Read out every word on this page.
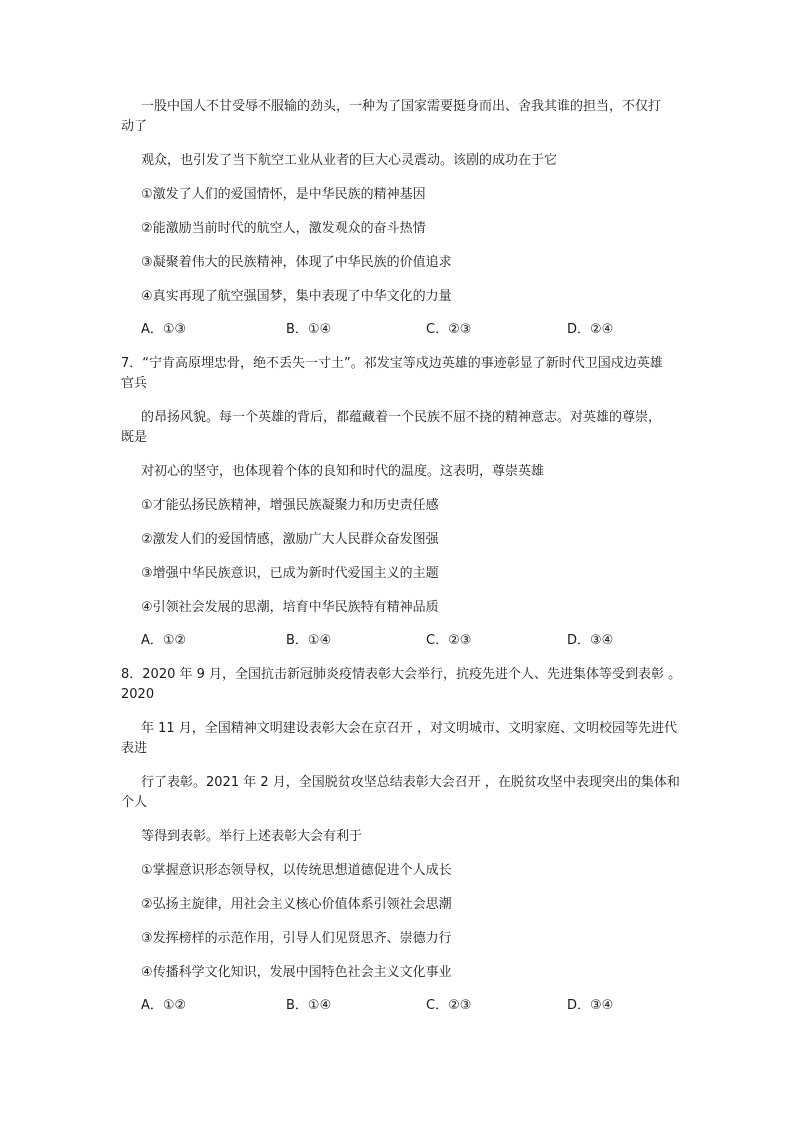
一股中国人不甘受辱不服输的劲头，一种为了国家需要挺身而出、舍我其谁的担当，不仅打
动了
观众，也引发了当下航空工业从业者的巨大心灵震动。该剧的成功在于它
①激发了人们的爱国情怀，是中华民族的精神基因
②能激励当前时代的航空人，激发观众的奋斗热情
③凝聚着伟大的民族精神，体现了中华民族的价值追求
④真实再现了航空强国梦，集中表现了中华文化的力量
A．①③	B．①④	C．②③	D．②④
7．“宁肯高原埋忠骨，绝不丢失一寸土”。祁发宝等戍边英雄的事迹彰显了新时代卫国戍边英雄
官兵
的昂扬风貌。每一个英雄的背后，都蕴藏着一个民族不屈不挠的精神意志。对英雄的尊崇，
既是
对初心的坚守，也体现着个体的良知和时代的温度。这表明，尊崇英雄
①才能弘扬民族精神，增强民族凝聚力和历史责任感
②激发人们的爱国情感，激励广大人民群众奋发图强
③增强中华民族意识，已成为新时代爱国主义的主题
④引领社会发展的思潮，培育中华民族特有精神品质
A．①②	B．①④	C．②③	D．③④
8．2020 年 9 月，全国抗击新冠肺炎疫情表彰大会举行，抗疫先进个人、先进集体等受到表彰 。
2020
年 11 月，全国精神文明建设表彰大会在京召开 ，对文明城市、文明家庭、文明校园等先进代
表进
行了表彰。2021 年 2 月，全国脱贫攻坚总结表彰大会召开 ，在脱贫攻坚中表现突出的集体和
个人
等得到表彰。举行上述表彰大会有利于
①掌握意识形态领导权，以传统思想道德促进个人成长
②弘扬主旋律，用社会主义核心价值体系引领社会思潮
③发挥榜样的示范作用，引导人们见贤思齐、崇德力行
④传播科学文化知识，发展中国特色社会主义文化事业
A．①②	B．①④	C．②③	D．③④
